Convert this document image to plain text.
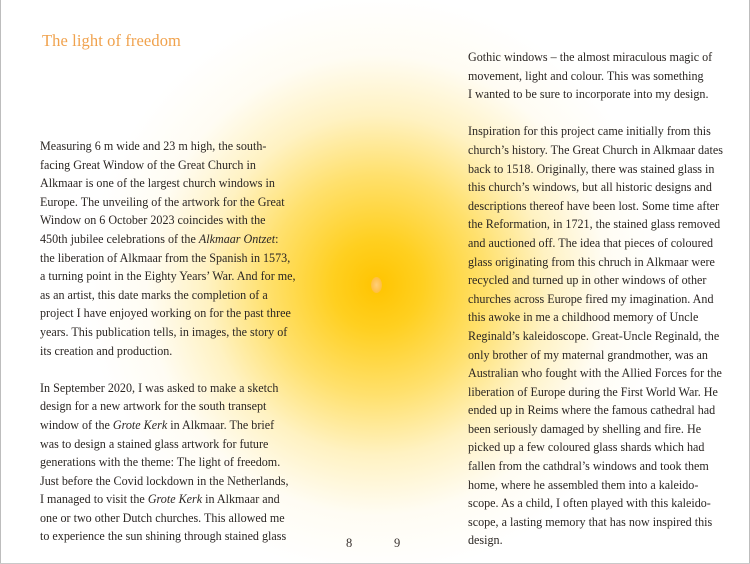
The light of freedom
Measuring 6 m wide and 23 m high, the south-
facing Great Window of the Great Church in
Alkmaar is one of the largest church windows in
Europe. The unveiling of the artwork for the Great
Window on 6 October 2023 coincides with the
450th jubilee celebrations of the Alkmaar Ontzet:
the liberation of Alkmaar from the Spanish in 1573,
a turning point in the Eighty Years’ War. And for me,
as an artist, this date marks the completion of a
project I have enjoyed working on for the past three
years. This publication tells, in images, the story of
its creation and production.
In September 2020, I was asked to make a sketch
design for a new artwork for the south transept
window of the Grote Kerk in Alkmaar. The brief
was to design a stained glass artwork for future
generations with the theme: The light of freedom.
Just before the Covid lockdown in the Netherlands,
I managed to visit the Grote Kerk in Alkmaar and
one or two other Dutch churches. This allowed me
to experience the sun shining through stained glass
Gothic windows – the almost miraculous magic of
movement, light and colour. This was something
I wanted to be sure to incorporate into my design.
Inspiration for this project came initially from this
church’s history. The Great Church in Alkmaar dates
back to 1518. Originally, there was stained glass in
this church’s windows, but all historic designs and
descriptions thereof have been lost. Some time after
the Reformation, in 1721, the stained glass removed
and auctioned off. The idea that pieces of coloured
glass originating from this chruch in Alkmaar were
recycled and turned up in other windows of other
churches across Europe fired my imagination. And
this awoke in me a childhood memory of Uncle
Reginald’s kaleidoscope. Great-Uncle Reginald, the
only brother of my maternal grandmother, was an
Australian who fought with the Allied Forces for the
liberation of Europe during the First World War. He
ended up in Reims where the famous cathedral had
been seriously damaged by shelling and fire. He
picked up a few coloured glass shards which had
fallen from the cathdral’s windows and took them
home, where he assembled them into a kaleido-
scope. As a child, I often played with this kaleido-
scope, a lasting memory that has now inspired this
design.
8	9
